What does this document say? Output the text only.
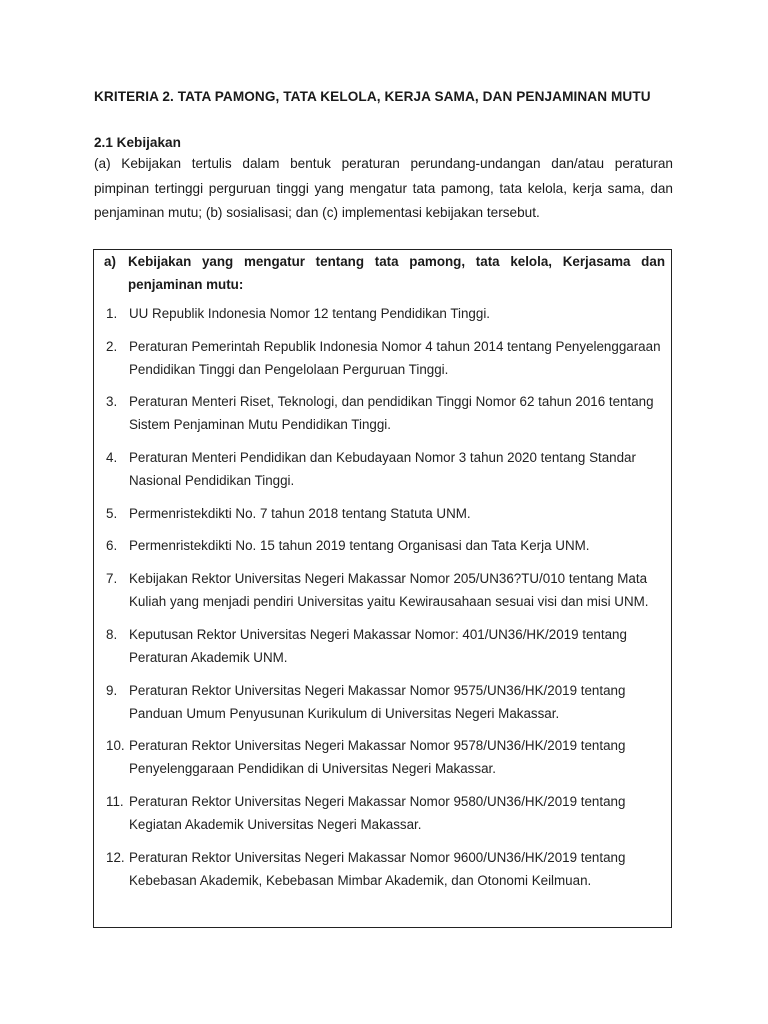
KRITERIA 2. TATA PAMONG, TATA KELOLA, KERJA SAMA, DAN PENJAMINAN MUTU
2.1 Kebijakan
(a) Kebijakan tertulis dalam bentuk peraturan perundang-undangan dan/atau peraturan pimpinan tertinggi perguruan tinggi yang mengatur tata pamong, tata kelola, kerja sama, dan penjaminan mutu; (b) sosialisasi; dan (c) implementasi kebijakan tersebut.
a) Kebijakan yang mengatur tentang tata pamong, tata kelola, Kerjasama dan penjaminan mutu:
1. UU Republik Indonesia Nomor 12 tentang Pendidikan Tinggi.
2. Peraturan Pemerintah Republik Indonesia Nomor 4 tahun 2014 tentang Penyelenggaraan Pendidikan Tinggi dan Pengelolaan Perguruan Tinggi.
3. Peraturan Menteri Riset, Teknologi, dan pendidikan Tinggi Nomor 62 tahun 2016 tentang Sistem Penjaminan Mutu Pendidikan Tinggi.
4. Peraturan Menteri Pendidikan dan Kebudayaan Nomor 3 tahun 2020 tentang Standar Nasional Pendidikan Tinggi.
5. Permenristekdikti No. 7 tahun 2018 tentang Statuta UNM.
6. Permenristekdikti No. 15 tahun 2019 tentang Organisasi dan Tata Kerja UNM.
7. Kebijakan Rektor Universitas Negeri Makassar Nomor 205/UN36?TU/010 tentang Mata Kuliah yang menjadi pendiri Universitas yaitu Kewirausahaan sesuai visi dan misi UNM.
8. Keputusan Rektor Universitas Negeri Makassar Nomor: 401/UN36/HK/2019 tentang Peraturan Akademik UNM.
9. Peraturan Rektor Universitas Negeri Makassar Nomor 9575/UN36/HK/2019 tentang Panduan Umum Penyusunan Kurikulum di Universitas Negeri Makassar.
10. Peraturan Rektor Universitas Negeri Makassar Nomor 9578/UN36/HK/2019 tentang Penyelenggaraan Pendidikan di Universitas Negeri Makassar.
11. Peraturan Rektor Universitas Negeri Makassar Nomor 9580/UN36/HK/2019 tentang Kegiatan Akademik Universitas Negeri Makassar.
12. Peraturan Rektor Universitas Negeri Makassar Nomor 9600/UN36/HK/2019 tentang Kebebasan Akademik, Kebebasan Mimbar Akademik, dan Otonomi Keilmuan.
